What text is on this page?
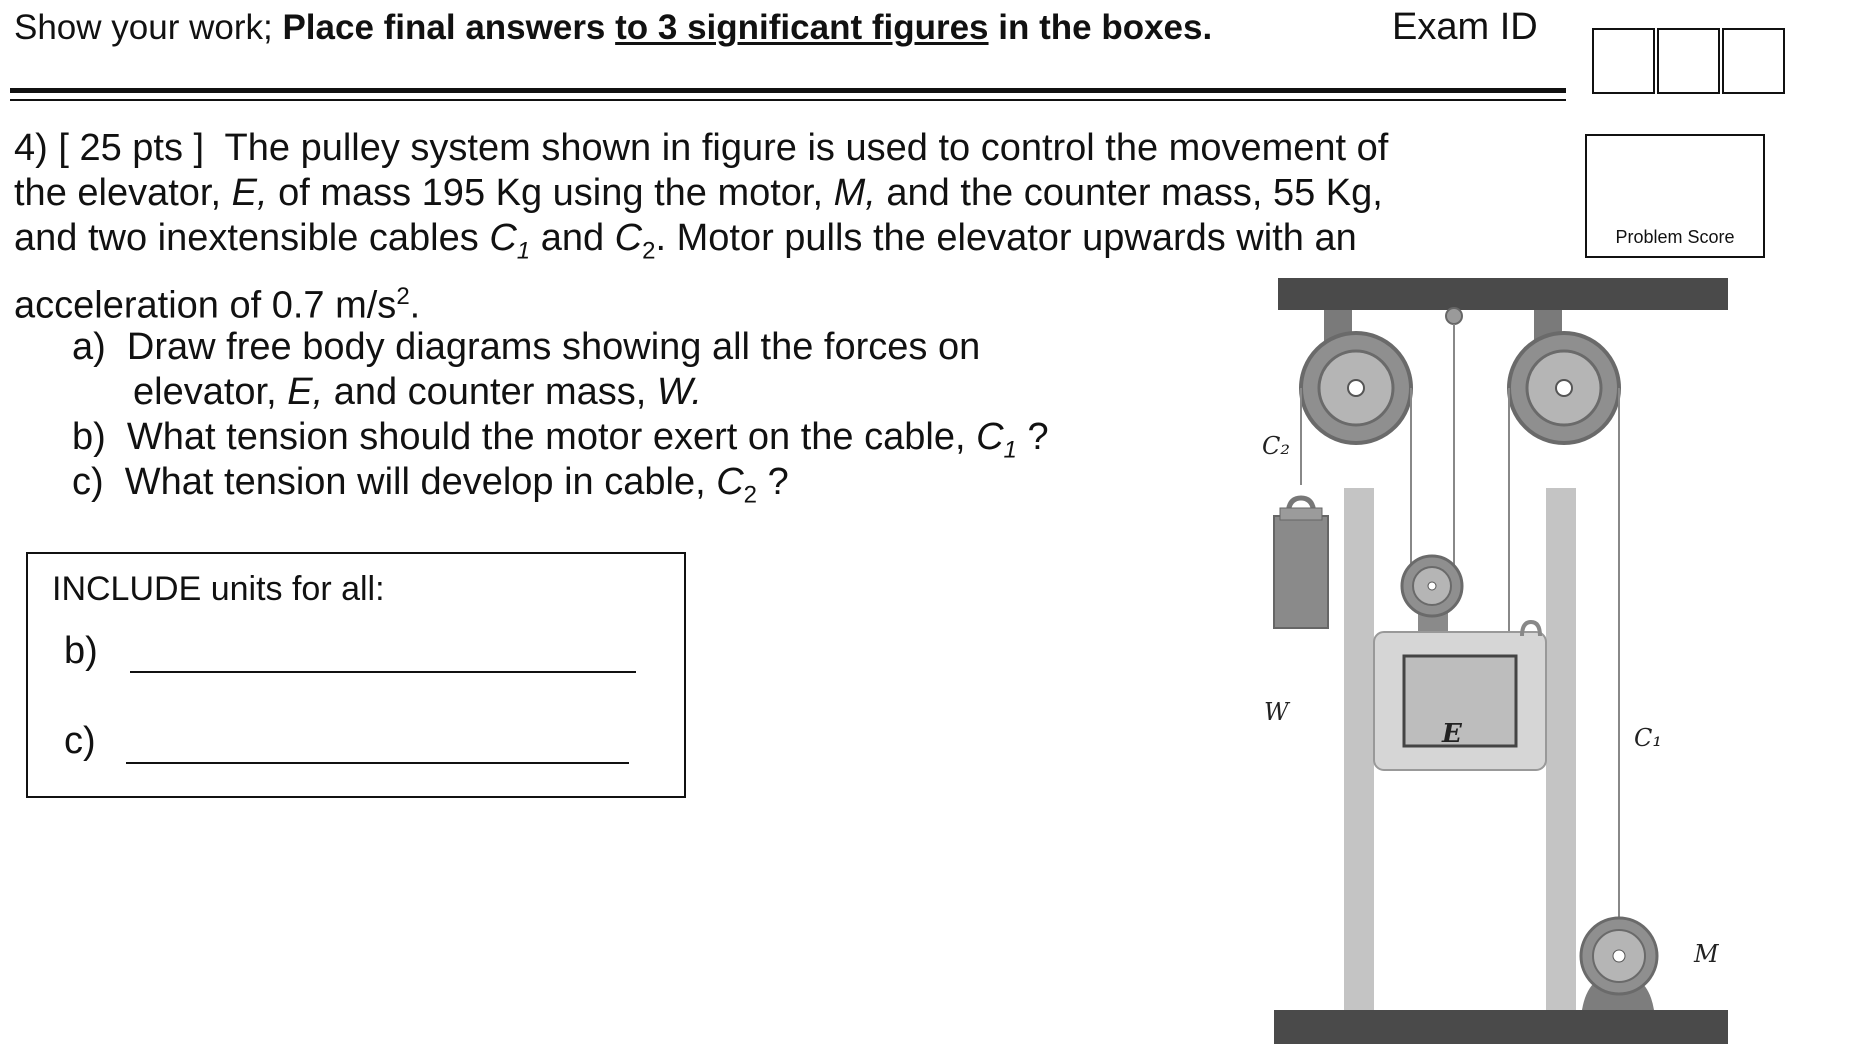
Show your work; Place final answers to 3 significant figures in the boxes.	Exam ID
Problem Score
4) [ 25 pts ] The pulley system shown in figure is used to control the movement of
the elevator, E, of mass 195 Kg using the motor, M, and the counter mass, 55 Kg,
and two inextensible cables $C_1$ and $C_2$. Motor pulls the elevator upwards with an
acceleration of 0.7 $m/s^2$.
a) Draw free body diagrams showing all the forces on
elevator, E, and counter mass, W.
b) What tension should the motor exert on the cable, $C_1$ ?
c) What tension will develop in cable, $C_2$ ?
INCLUDE units for all:
b)
c)
C₂
W
E	C₁
M
